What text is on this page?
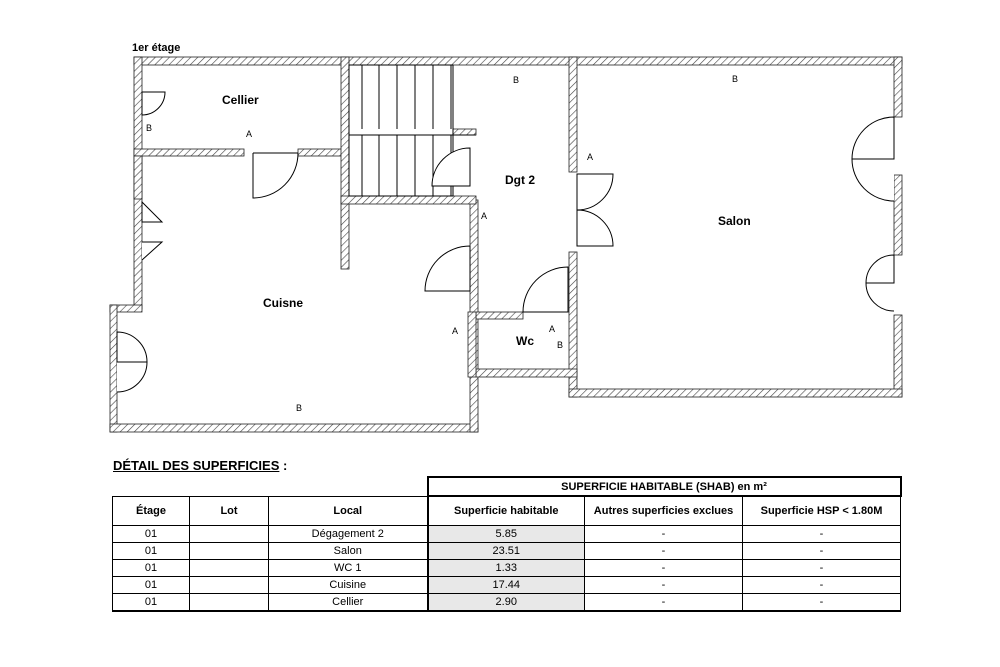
1er étage
Cellier
Dgt 2
Salon
Cuisne
Wc
B
A
B	B
A
A
A	A
B
B
DÉTAIL DES SUPERFICIES :
			SUPERFICIE HABITABLE (SHAB) en m²		
Étage	Lot	Local	Superficie habitable	Autres superficies exclues	Superficie HSP < 1.80M
01		Dégagement 2	5.85	-	-
01		Salon	23.51	-	-
01		WC 1	1.33	-	-
01		Cuisine	17.44	-	-
01		Cellier	2.90	-	-
